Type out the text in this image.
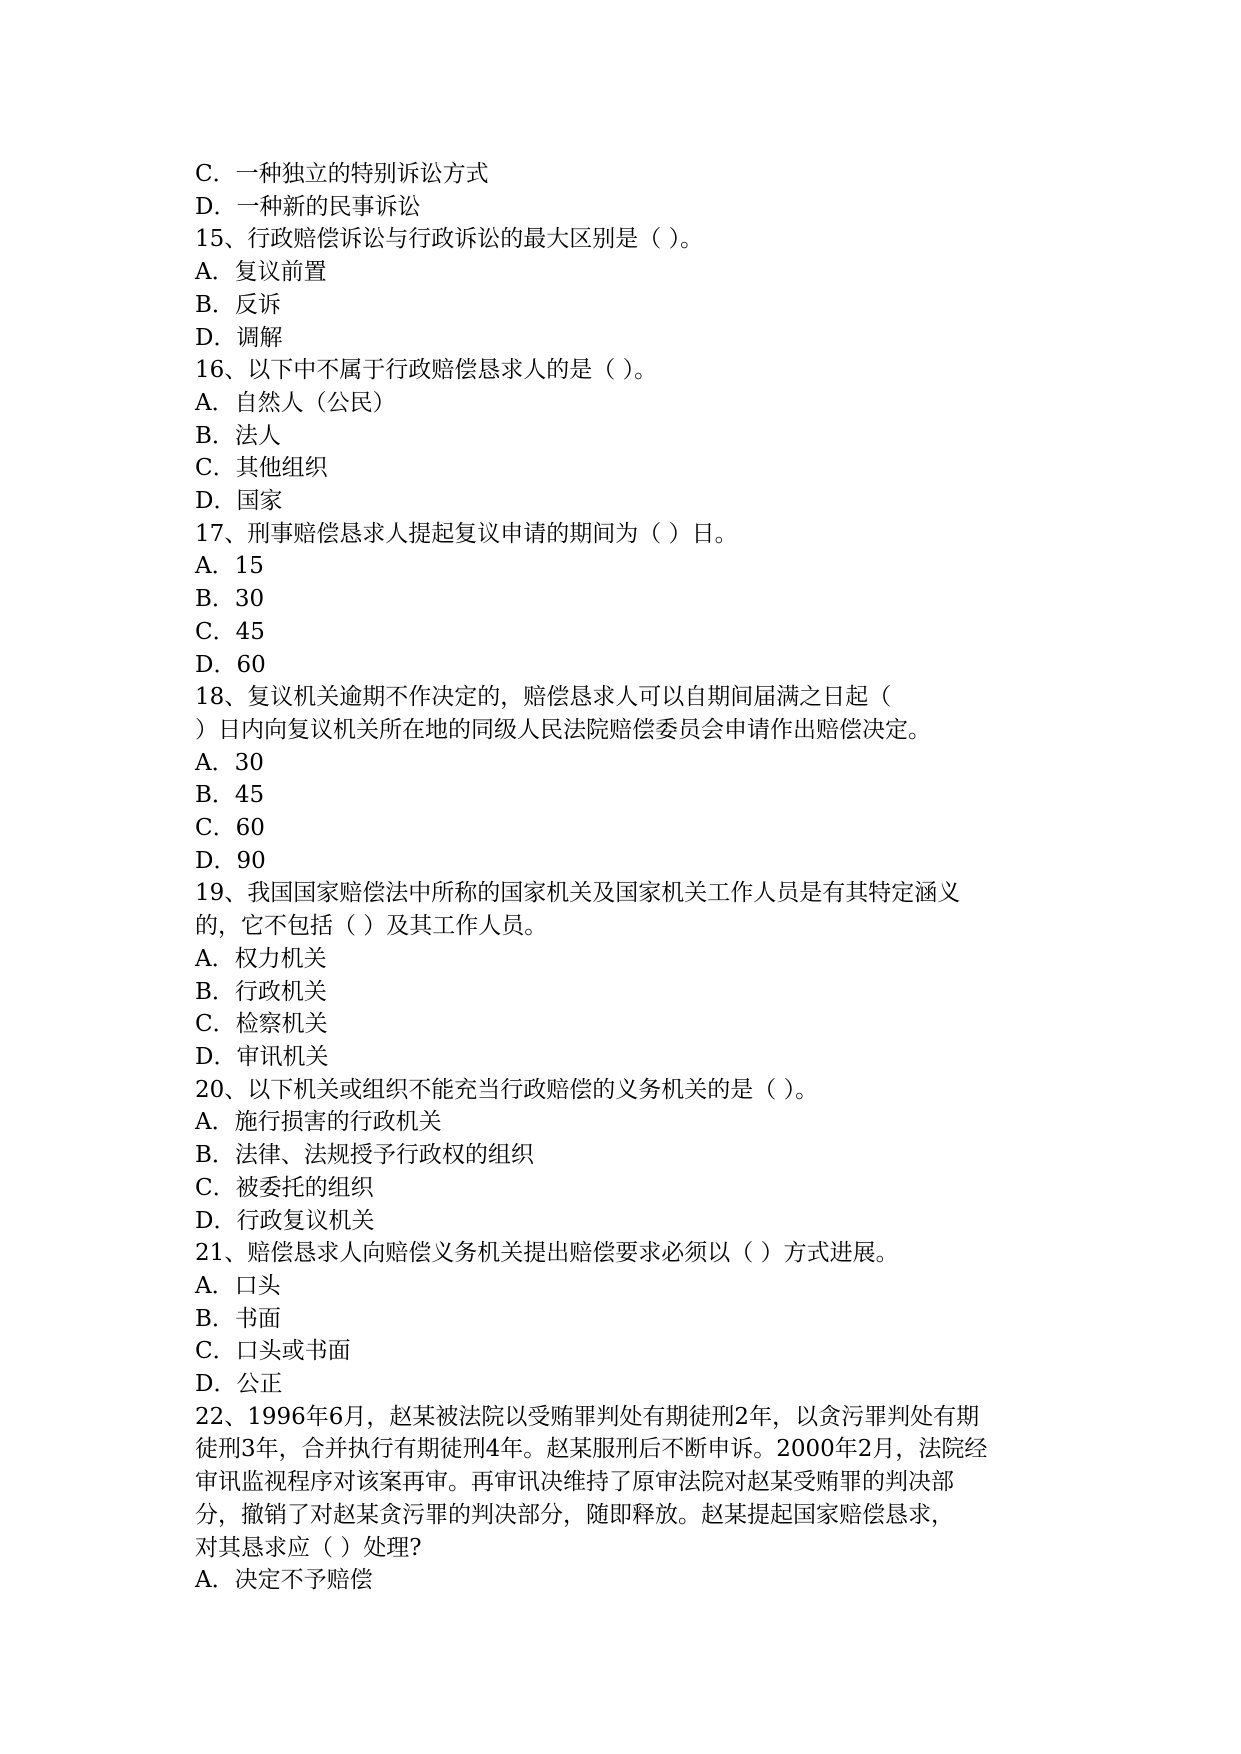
C．一种独立的特别诉讼方式
D．一种新的民事诉讼
15、行政赔偿诉讼与行政诉讼的最大区别是（ ）。
A．复议前置
B．反诉
D．调解
16、以下中不属于行政赔偿恳求人的是（ ）。
A．自然人（公民）
B．法人
C．其他组织
D．国家
17、刑事赔偿恳求人提起复议申请的期间为（ ）日。
A．15
B．30
C．45
D．60
18、复议机关逾期不作决定的，赔偿恳求人可以自期间届满之日起（
）日内向复议机关所在地的同级人民法院赔偿委员会申请作出赔偿决定。
A．30
B．45
C．60
D．90
19、我国国家赔偿法中所称的国家机关及国家机关工作人员是有其特定涵义
的，它不包括（ ）及其工作人员。
A．权力机关
B．行政机关
C．检察机关
D．审讯机关
20、以下机关或组织不能充当行政赔偿的义务机关的是（ ）。
A．施行损害的行政机关
B．法律、法规授予行政权的组织
C．被委托的组织
D．行政复议机关
21、赔偿恳求人向赔偿义务机关提出赔偿要求必须以（ ）方式进展。
A．口头
B．书面
C．口头或书面
D．公正
22、1996年6月，赵某被法院以受贿罪判处有期徒刑2年，以贪污罪判处有期
徒刑3年，合并执行有期徒刑4年。赵某服刑后不断申诉。2000年2月，法院经
审讯监视程序对该案再审。再审讯决维持了原审法院对赵某受贿罪的判决部
分，撤销了对赵某贪污罪的判决部分，随即释放。赵某提起国家赔偿恳求，
对其恳求应（ ）处理?
A．决定不予赔偿
